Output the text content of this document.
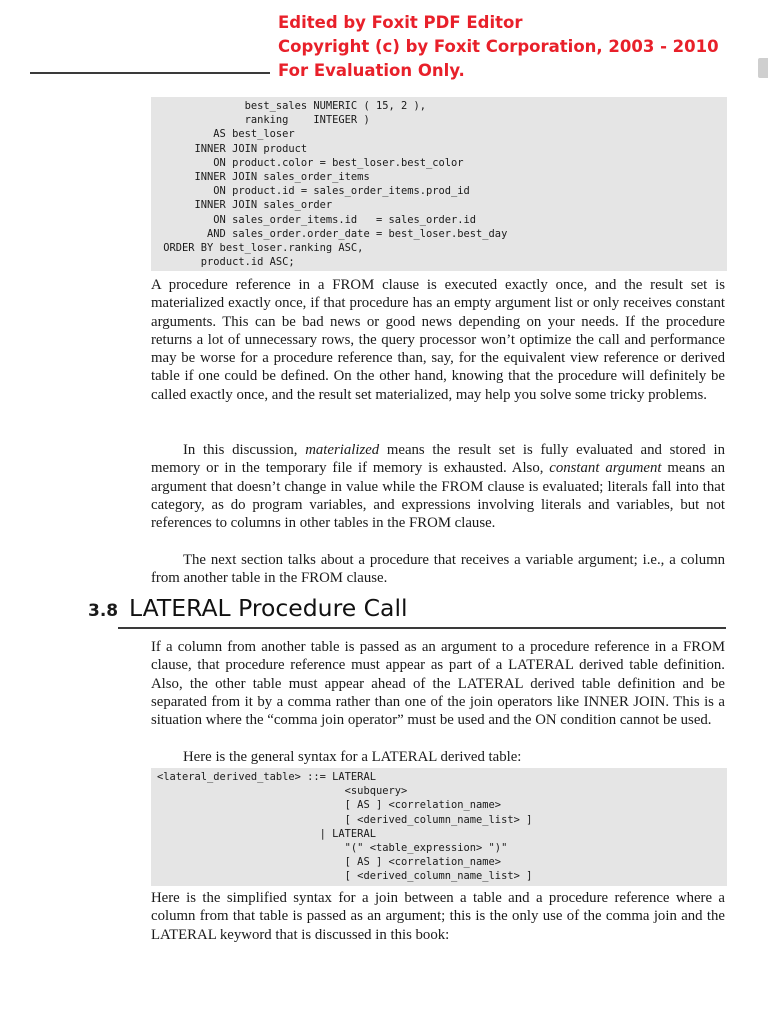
Edited by Foxit PDF Editor
Copyright (c) by Foxit Corporation, 2003 - 2010
For Evaluation Only.
best_sales NUMERIC ( 15, 2 ),
ranking    INTEGER )
AS best_loser
INNER JOIN product
ON product.color = best_loser.best_color
INNER JOIN sales_order_items
ON product.id = sales_order_items.prod_id
INNER JOIN sales_order
ON sales_order_items.id   = sales_order.id
AND sales_order.order_date = best_loser.best_day
ORDER BY best_loser.ranking ASC,
product.id ASC;

A procedure reference in a FROM clause is executed exactly once, and the result set is materialized exactly once, if that procedure has an empty argument list or only receives constant arguments. This can be bad news or good news depending on your needs. If the procedure returns a lot of unnecessary rows, the query processor won’t optimize the call and performance may be worse for a procedure reference than, say, for the equivalent view reference or derived table if one could be defined. On the other hand, knowing that the procedure will definitely be called exactly once, and the result set materialized, may help you solve some tricky problems.

In this discussion, materialized means the result set is fully evaluated and stored in memory or in the temporary file if memory is exhausted. Also, constant argument means an argument that doesn’t change in value while the FROM clause is evaluated; literals fall into that category, as do program variables, and expressions involving literals and variables, but not references to columns in other tables in the FROM clause.

The next section talks about a procedure that receives a variable argument; i.e., a column from another table in the FROM clause.

3.8 LATERAL Procedure Call

If a column from another table is passed as an argument to a procedure reference in a FROM clause, that procedure reference must appear as part of a LATERAL derived table definition. Also, the other table must appear ahead of the LATERAL derived table definition and be separated from it by a comma rather than one of the join operators like INNER JOIN. This is a situation where the “comma join operator” must be used and the ON condition cannot be used.

Here is the general syntax for a LATERAL derived table:

<lateral_derived_table> ::= LATERAL
<subquery>
[ AS ] <correlation_name>
[ <derived_column_name_list> ]
| LATERAL
"(" <table_expression> ")"
[ AS ] <correlation_name>
[ <derived_column_name_list> ]

Here is the simplified syntax for a join between a table and a procedure reference where a column from that table is passed as an argument; this is the only use of the comma join and the LATERAL keyword that is discussed in this book:
